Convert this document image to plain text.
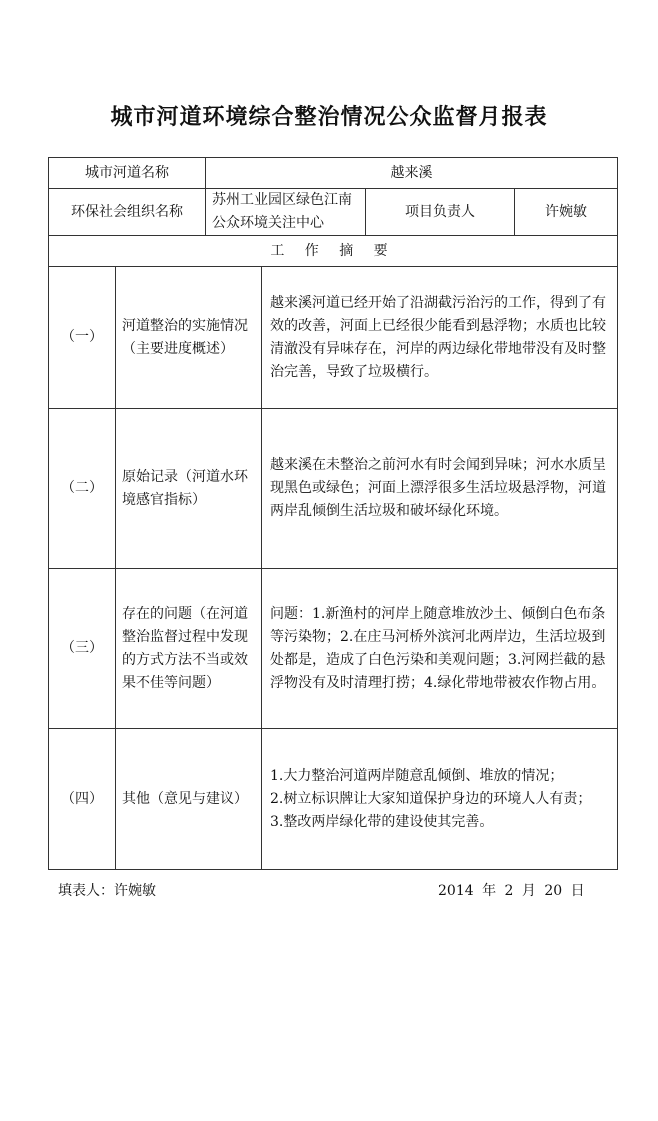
城市河道环境综合整治情况公众监督月报表
城市河道名称		越来溪			
环保社会组织名称		苏州工业园区绿色江南公众环境关注中心		项目负责人	许婉敏
工 作 摘 要					
（一）	河道整治的实施情况（主要进度概述）		越来溪河道已经开始了沿湖截污治污的工作，得到了有效的改善，河面上已经很少能看到悬浮物；水质也比较清澈没有异味存在，河岸的两边绿化带地带没有及时整治完善，导致了垃圾横行。		
（二）	原始记录（河道水环境感官指标）		越来溪在未整治之前河水有时会闻到异味；河水水质呈现黑色或绿色；河面上漂浮很多生活垃圾悬浮物，河道两岸乱倾倒生活垃圾和破坏绿化环境。		
（三）	存在的问题（在河道整治监督过程中发现的方式方法不当或效果不佳等问题）		问题：1.新渔村的河岸上随意堆放沙土、倾倒白色布条等污染物；2.在庄马河桥外滨河北两岸边，生活垃圾到处都是，造成了白色污染和美观问题；3.河网拦截的悬浮物没有及时清理打捞；4.绿化带地带被农作物占用。		
（四）	其他（意见与建议）		1.大力整治河道两岸随意乱倾倒、堆放的情况；
2.树立标识牌让大家知道保护身边的环境人人有责；
3.整改两岸绿化带的建设使其完善。		
填表人：许婉敏	2014 年 2 月 20 日
